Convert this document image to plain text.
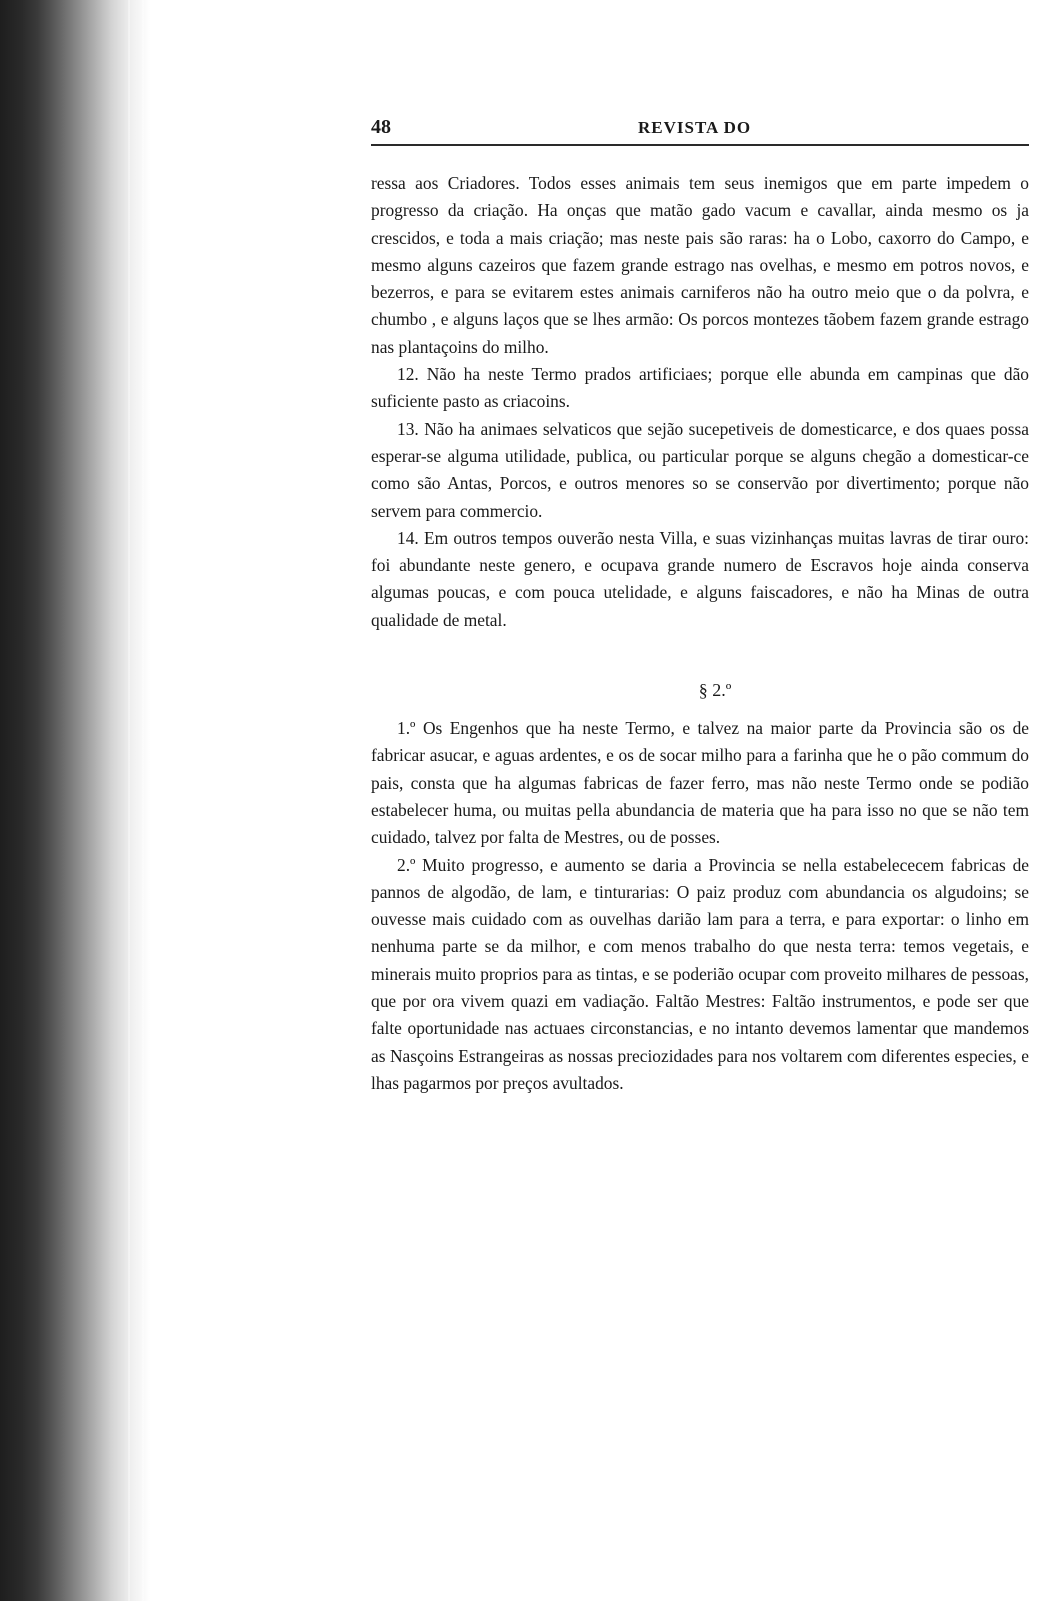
48	REVISTA DO

ressa aos Criadores. Todos esses animais tem seus inemigos que em parte impedem o progresso da criação. Ha onças que matão gado vacum e cavallar, ainda mesmo os ja crescidos, e toda a mais criação; mas neste pais são raras: ha o Lobo, caxorro do Campo, e mesmo alguns cazeiros que fazem grande estrago nas ovelhas, e mesmo em potros novos, e bezerros, e para se evitarem estes animais carniferos não ha outro meio que o da polvra, e chumbo , e alguns laços que se lhes armão: Os porcos montezes tãobem fazem grande estrago nas plantaçoins do milho.

12. Não ha neste Termo prados artificiaes; porque elle abunda em campinas que dão suficiente pasto as criacoins.

13. Não ha animaes selvaticos que sejão sucepetiveis de domesticarce, e dos quaes possa esperar-se alguma utilidade, publica, ou particular porque se alguns chegão a domesticar-ce como são Antas, Porcos, e outros menores so se conservão por divertimento; porque não servem para commercio.

14. Em outros tempos ouverão nesta Villa, e suas vizinhanças muitas lavras de tirar ouro: foi abundante neste genero, e ocupava grande numero de Escravos hoje ainda conserva algumas poucas, e com pouca utelidade, e alguns faiscadores, e não ha Minas de outra qualidade de metal.

§ 2.º

1.º Os Engenhos que ha neste Termo, e talvez na maior parte da Provincia são os de fabricar asucar, e aguas ardentes, e os de socar milho para a farinha que he o pão commum do pais, consta que ha algumas fabricas de fazer ferro, mas não neste Termo onde se podião estabelecer huma, ou muitas pella abundancia de materia que ha para isso no que se não tem cuidado, talvez por falta de Mestres, ou de posses.

2.º Muito progresso, e aumento se daria a Provincia se nella estabelececem fabricas de pannos de algodão, de lam, e tinturarias: O paiz produz com abundancia os algudoins; se ouvesse mais cuidado com as ouvelhas darião lam para a terra, e para exportar: o linho em nenhuma parte se da milhor, e com menos trabalho do que nesta terra: temos vegetais, e minerais muito proprios para as tintas, e se poderião ocupar com proveito milhares de pessoas, que por ora vivem quazi em vadiação. Faltão Mestres: Faltão instrumentos, e pode ser que falte oportunidade nas actuaes circonstancias, e no intanto devemos lamentar que mandemos as Nasçoins Estrangeiras as nossas preciozidades para nos voltarem com diferentes especies, e lhas pagarmos por preços avultados.
